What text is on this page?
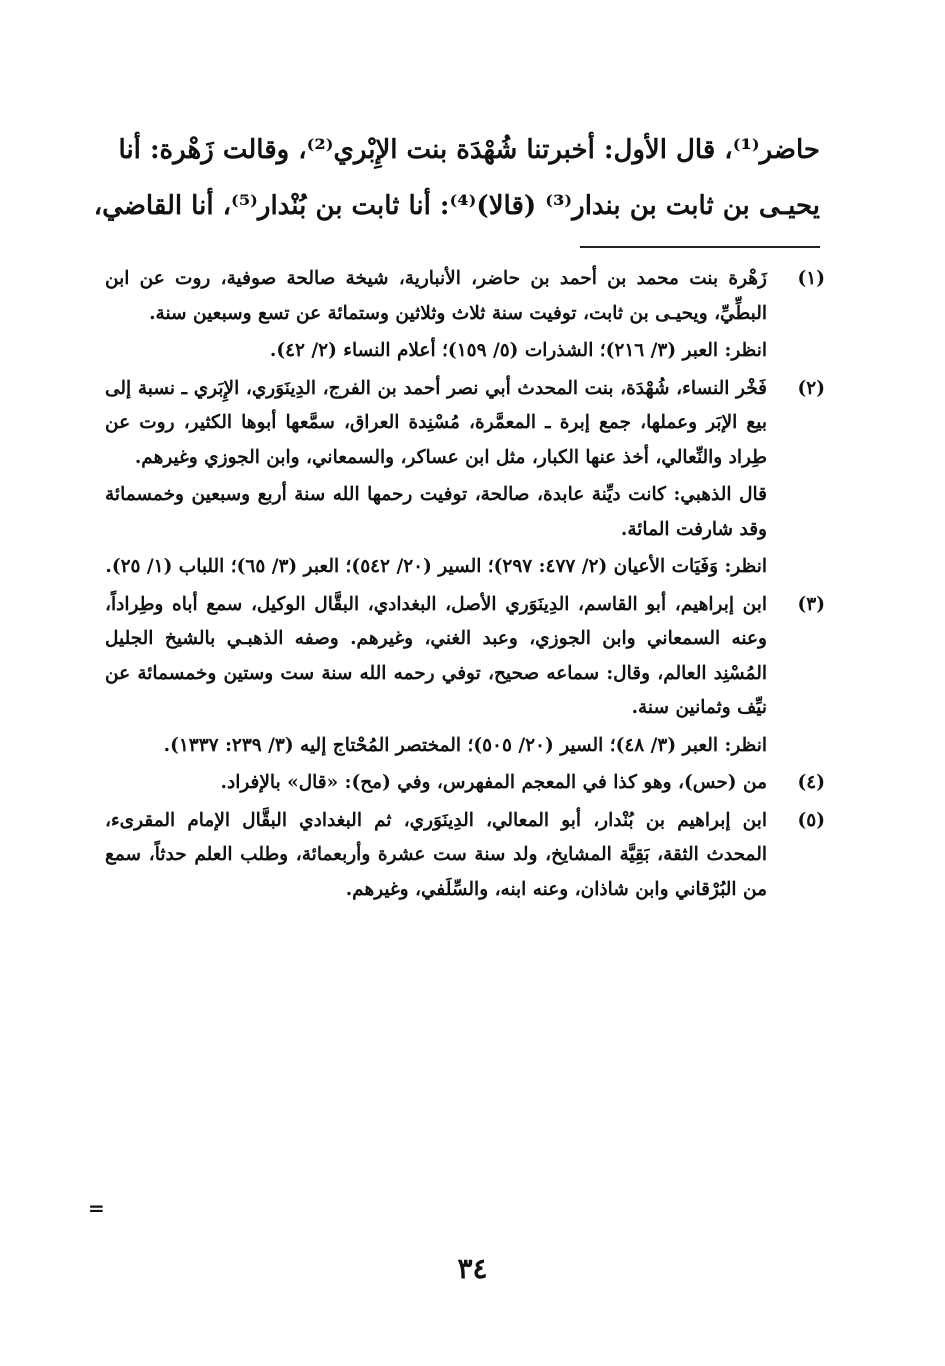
حاضر⁽¹⁾، قال الأول: أخبرتنا شُهْدَة بنت الإِبْري⁽²⁾، وقالت زَهْرة: أنا
يحيـى بن ثابت بن بندار⁽³⁾ (قالا)⁽⁴⁾: أنا ثابت بن بُنْدار⁽⁵⁾، أنا القاضي،
(١)

زَهْرة بنت محمد بن أحمد بن حاضر، الأنبارية، شيخة صالحة صوفية، روت عن ابن البطِّيِّ، ويحيـى بن ثابت، توفيت سنة ثلاث وثلاثين وستمائة عن تسع وسبعين سنة.

انظر: العبر (٣/ ٢١٦)؛ الشذرات (٥/ ١٥٩)؛ أعلام النساء (٢/ ٤٢).

(٢)

فَخْر النساء، شُهْدَة، بنت المحدث أبي نصر أحمد بن الفرج، الدِينَوَري، الإِبَري ـ نسبة إلى بيع الإبَر وعملها، جمع إبرة ـ المعمَّرة، مُسْنِدة العراق، سمَّعها أبوها الكثير، روت عن طِراد والنِّعالي، أخذ عنها الكبار، مثل ابن عساكر، والسمعاني، وابن الجوزي وغيرهم.

قال الذهبي: كانت ديِّنة عابدة، صالحة، توفيت رحمها الله سنة أربع وسبعين وخمسمائة وقد شارفت المائة.

انظر: وَفَيَات الأعيان (٢/ ٤٧٧: ٢٩٧)؛ السير (٢٠/ ٥٤٢)؛ العبر (٣/ ٦٥)؛ اللباب (١/ ٢٥).

(٣)

ابن إبراهيم، أبو القاسم، الدِينَوَري الأصل، البغدادي، البقَّال الوكيل، سمع أباه وطِراداً، وعنه السمعاني وابن الجوزي، وعبد الغني، وغيرهم. وصفه الذهبـي بالشيخ الجليل المُسْنِد العالم، وقال: سماعه صحيح، توفي رحمه الله سنة ست وستين وخمسمائة عن نيِّف وثمانين سنة.

انظر: العبر (٣/ ٤٨)؛ السير (٢٠/ ٥٠٥)؛ المختصر المُحْتاج إليه (٣/ ٢٣٩: ١٣٣٧).

(٤)

من (حس)، وهو كذا في المعجم المفهرس، وفي (مح): «قال» بالإفراد.

(٥)

ابن إبراهيم بن بُنْدار، أبو المعالي، الدِينَوَري، ثم البغدادي البقَّال الإمام المقرىء، المحدث الثقة، بَقِيَّة المشايخ، ولد سنة ست عشرة وأربعمائة، وطلب العلم حدثاً، سمع من البُرْقاني وابن شاذان، وعنه ابنه، والسِّلَفي، وغيرهم.

=
٣٤
